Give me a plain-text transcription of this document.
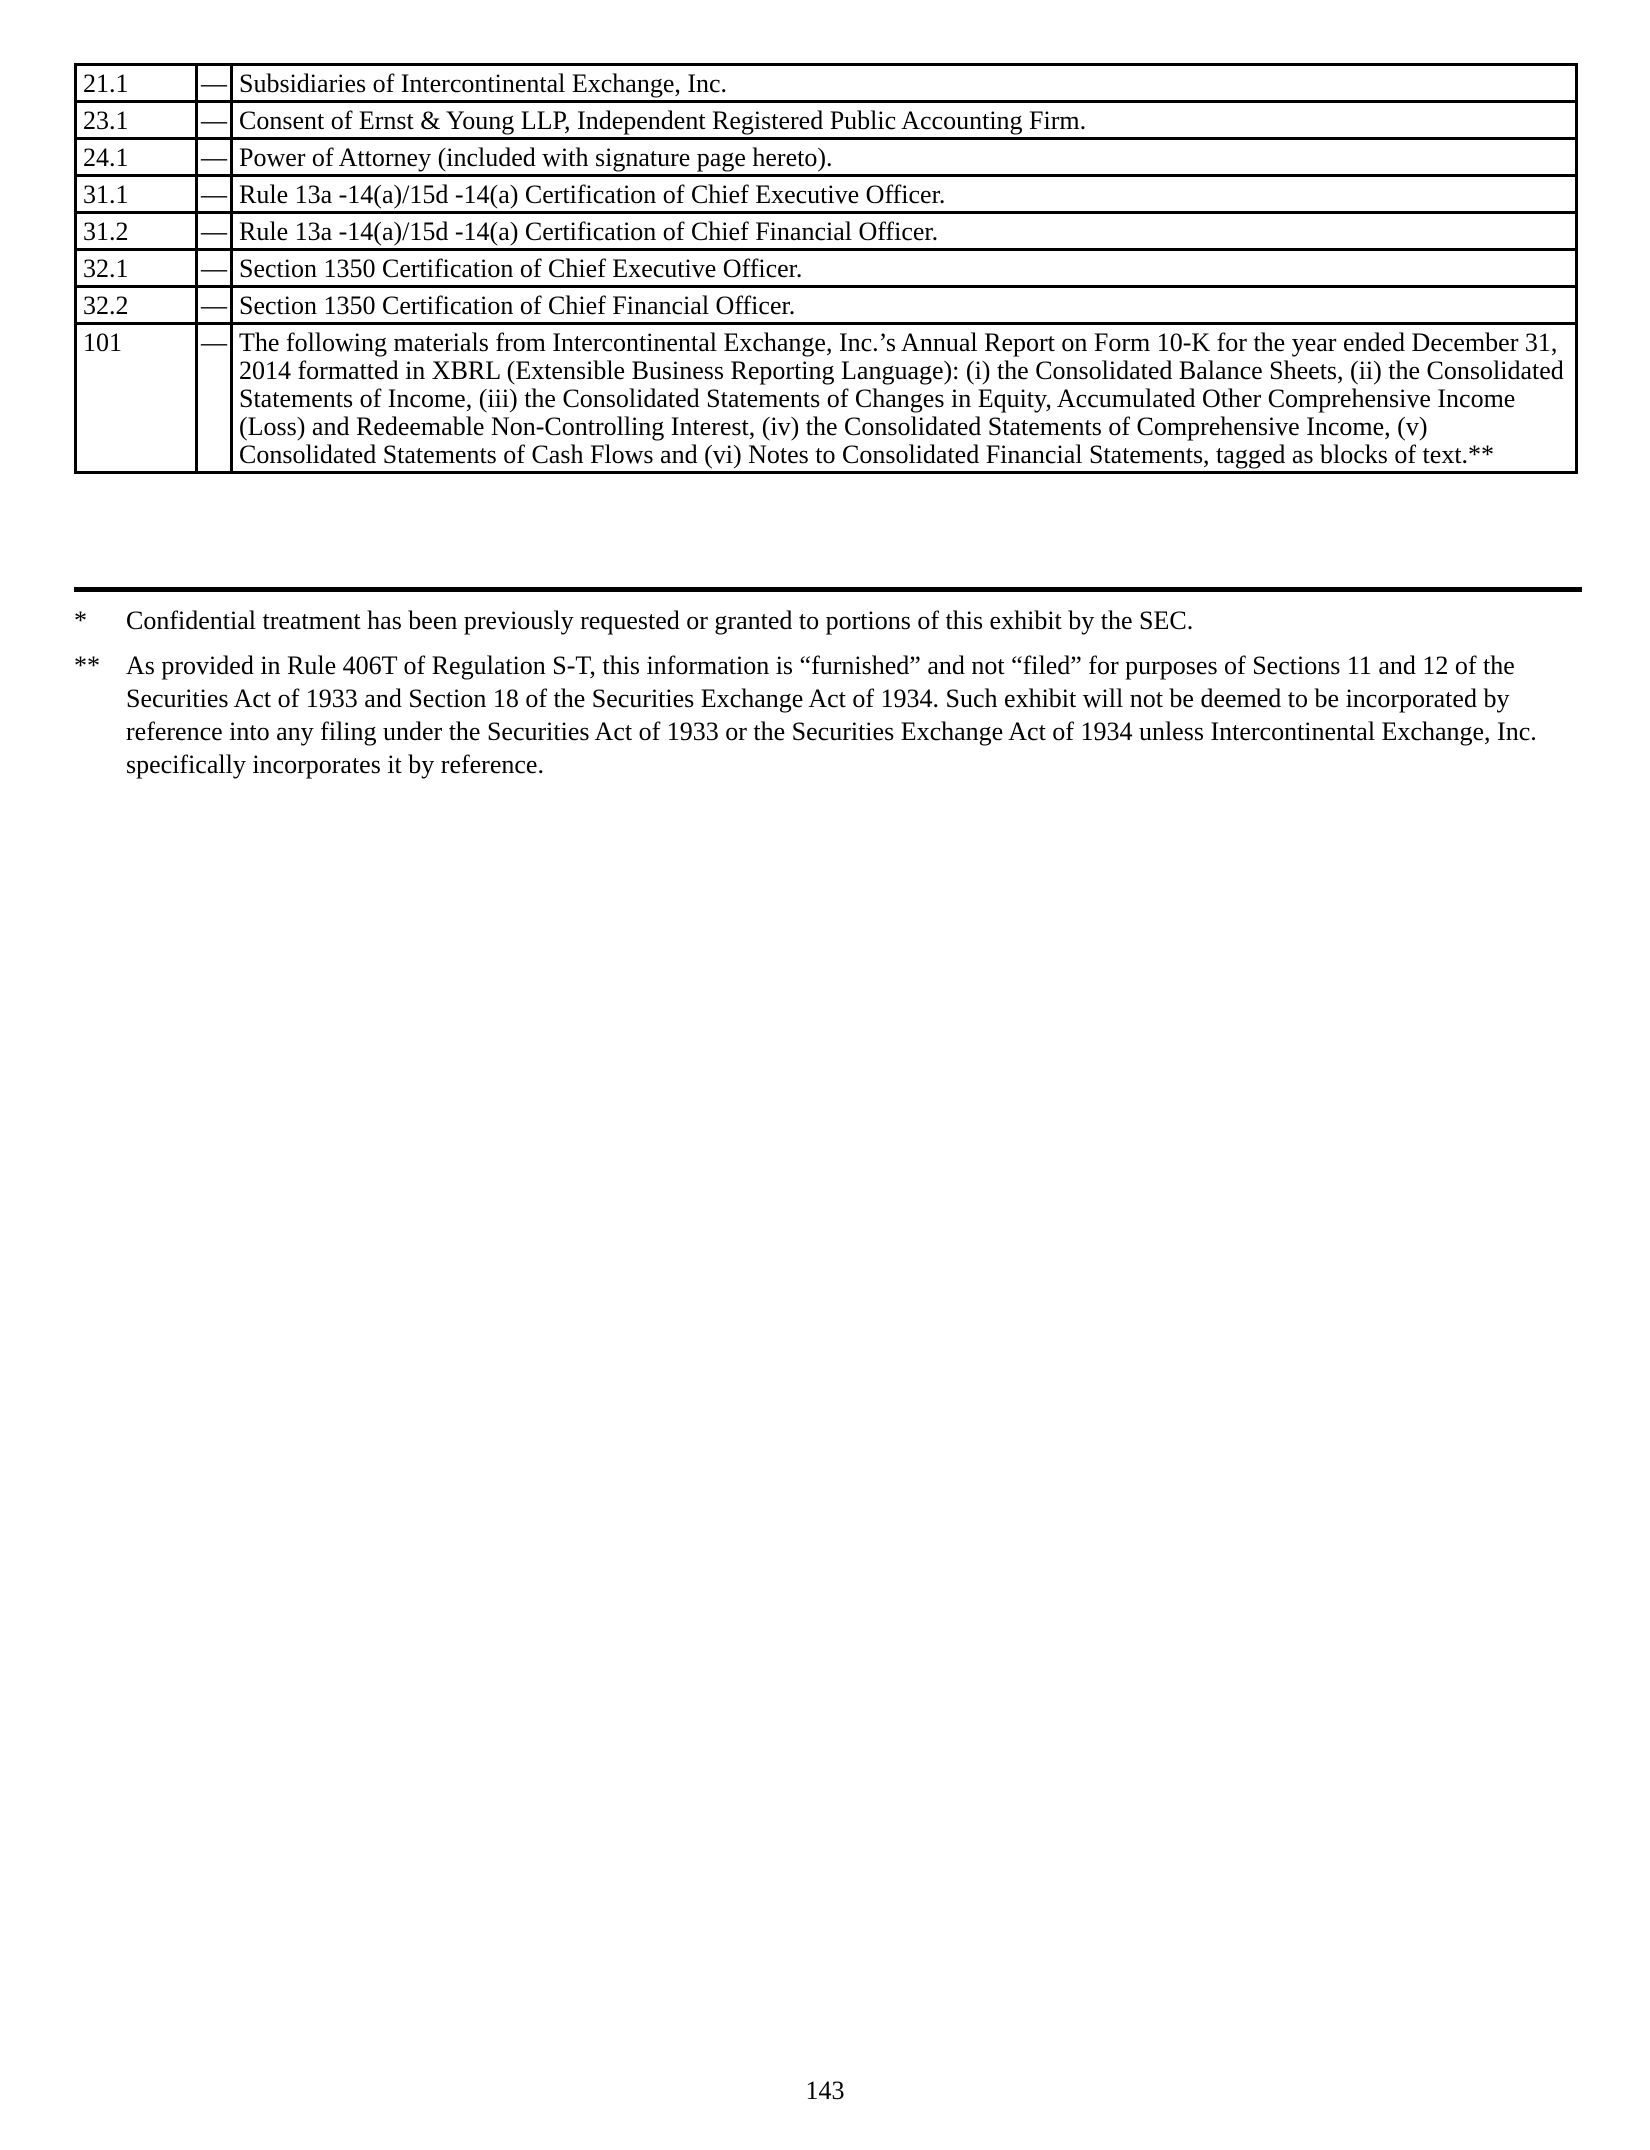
21.1	—	Subsidiaries of Intercontinental Exchange, Inc.
23.1	—	Consent of Ernst & Young LLP, Independent Registered Public Accounting Firm.
24.1	—	Power of Attorney (included with signature page hereto).
31.1	—	Rule 13a -14(a)/15d -14(a) Certification of Chief Executive Officer.
31.2	—	Rule 13a -14(a)/15d -14(a) Certification of Chief Financial Officer.
32.1	—	Section 1350 Certification of Chief Executive Officer.
32.2	—	Section 1350 Certification of Chief Financial Officer.
101	—	The following materials from Intercontinental Exchange, Inc.’s Annual Report on Form 10-K for the year ended December 31, 2014 formatted in XBRL (Extensible Business Reporting Language): (i) the Consolidated Balance Sheets, (ii) the Consolidated Statements of Income, (iii) the Consolidated Statements of Changes in Equity, Accumulated Other Comprehensive Income (Loss) and Redeemable Non-Controlling Interest, (iv) the Consolidated Statements of Comprehensive Income, (v) Consolidated Statements of Cash Flows and (vi) Notes to Consolidated Financial Statements, tagged as blocks of text.**
*	Confidential treatment has been previously requested or granted to portions of this exhibit by the SEC.
**	As provided in Rule 406T of Regulation S-T, this information is “furnished” and not “filed” for purposes of Sections 11 and 12 of the Securities Act of 1933 and Section 18 of the Securities Exchange Act of 1934. Such exhibit will not be deemed to be incorporated by reference into any filing under the Securities Act of 1933 or the Securities Exchange Act of 1934 unless Intercontinental Exchange, Inc. specifically incorporates it by reference.
143
